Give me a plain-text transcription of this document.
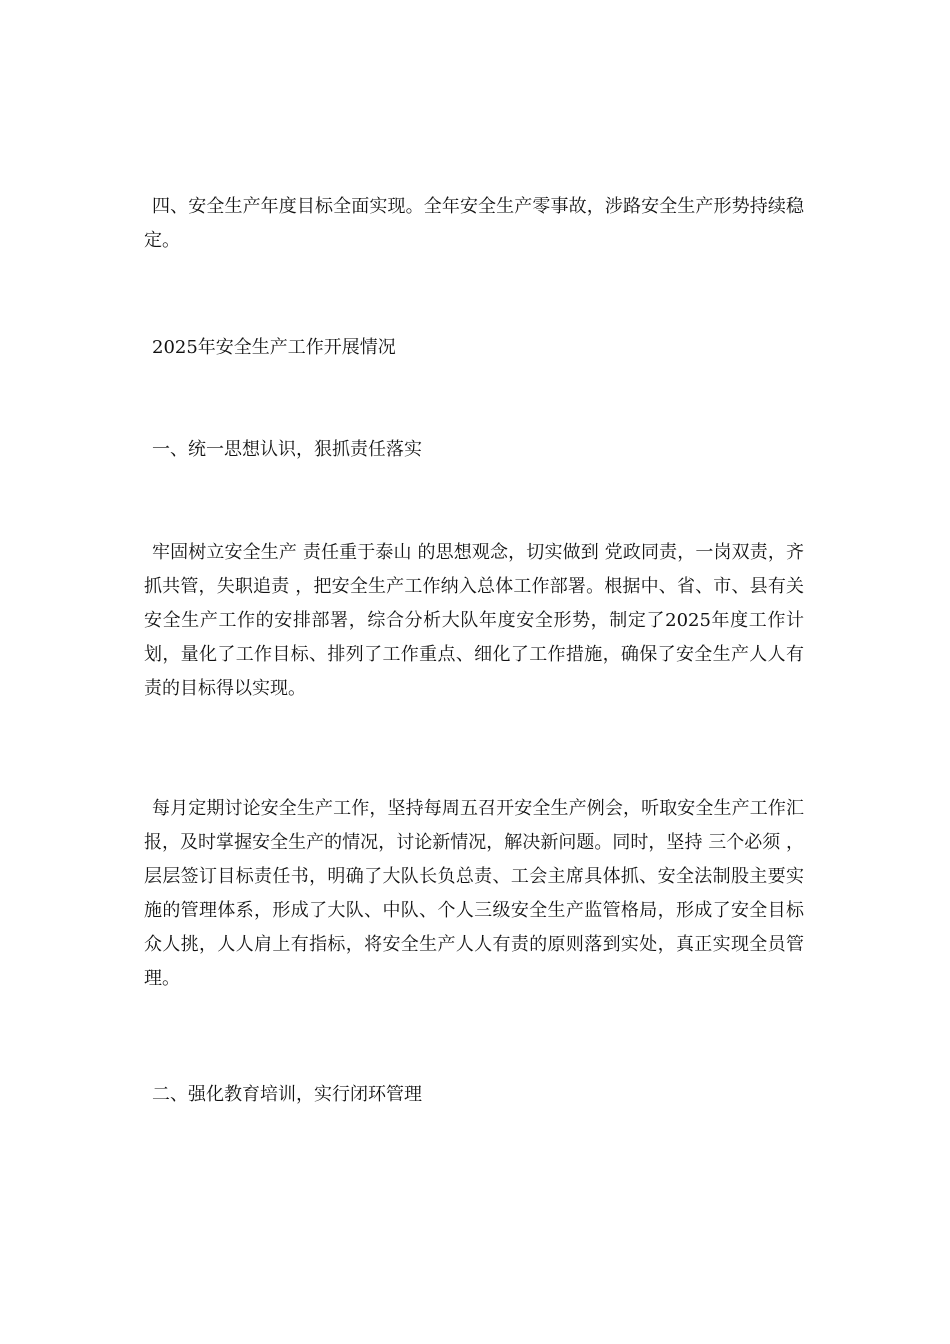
四、安全生产年度目标全面实现。全年安全生产零事故，涉路安全生产形势持续稳定。

2025年安全生产工作开展情况

一、统一思想认识，狠抓责任落实

牢固树立安全生产 责任重于泰山 的思想观念，切实做到 党政同责，一岗双责，齐抓共管，失职追责 ，把安全生产工作纳入总体工作部署。根据中、省、市、县有关安全生产工作的安排部署，综合分析大队年度安全形势，制定了2025年度工作计划，量化了工作目标、排列了工作重点、细化了工作措施，确保了安全生产人人有责的目标得以实现。

每月定期讨论安全生产工作，坚持每周五召开安全生产例会，听取安全生产工作汇报，及时掌握安全生产的情况，讨论新情况，解决新问题。同时，坚持 三个必须 ，层层签订目标责任书，明确了大队长负总责、工会主席具体抓、安全法制股主要实施的管理体系，形成了大队、中队、个人三级安全生产监管格局，形成了安全目标众人挑，人人肩上有指标，将安全生产人人有责的原则落到实处，真正实现全员管理。

二、强化教育培训，实行闭环管理
